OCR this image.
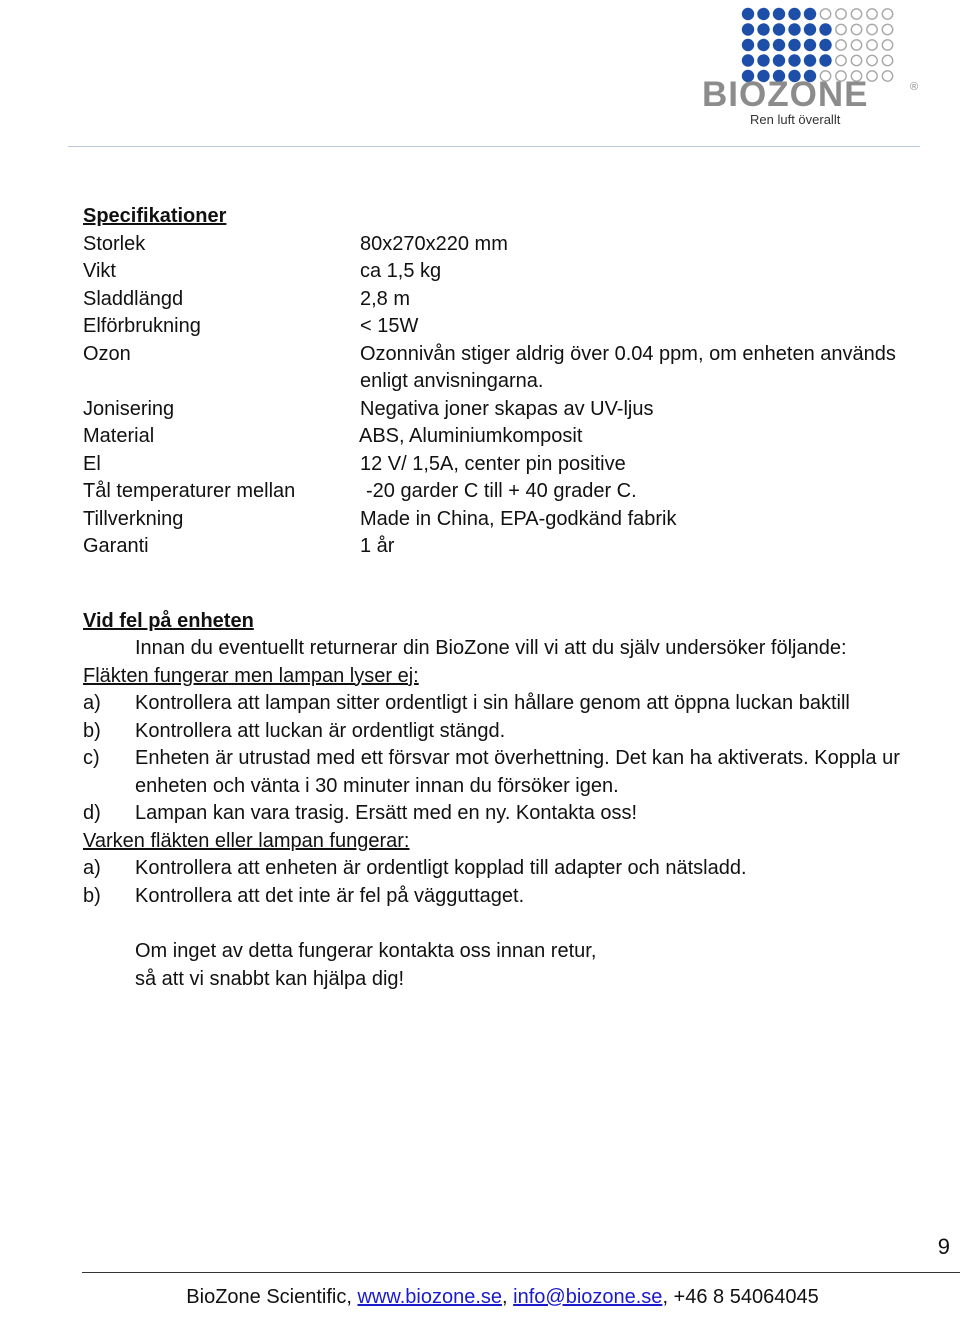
BIOZONE	®
Ren luft överallt
Specifikationer
Storlek	80x270x220 mm
Vikt	ca 1,5 kg
Sladdlängd	2,8 m
Elförbrukning	< 15W
Ozon	Ozonnivån stiger aldrig över 0.04 ppm, om enheten används enligt anvisningarna.
Jonisering	Negativa joner skapas av UV-ljus
Material	ABS, Aluminiumkomposit
El	12 V/ 1,5A, center pin positive
Tål temperaturer mellan	-20 garder C till + 40 grader C.
Tillverkning	Made in China, EPA-godkänd fabrik
Garanti	1 år
Vid fel på enheten
Innan du eventuellt returnerar din BioZone vill vi att du själv undersöker följande:
Fläkten fungerar men lampan lyser ej:
a)	Kontrollera att lampan sitter ordentligt i sin hållare genom att öppna luckan baktill
b)	Kontrollera att luckan är ordentligt stängd.
c)	Enheten är utrustad med ett försvar mot överhettning. Det kan ha aktiverats. Koppla ur enheten och vänta i 30 minuter innan du försöker igen.
d)	Lampan kan vara trasig. Ersätt med en ny. Kontakta oss!
Varken fläkten eller lampan fungerar:
a)	Kontrollera att enheten är ordentligt kopplad till adapter och nätsladd.
b)	Kontrollera att det inte är fel på vägguttaget.
Om inget av detta fungerar kontakta oss innan retur,
så att vi snabbt kan hjälpa dig!
9
BioZone Scientific, www.biozone.se, info@biozone.se, +46 8 54064045
